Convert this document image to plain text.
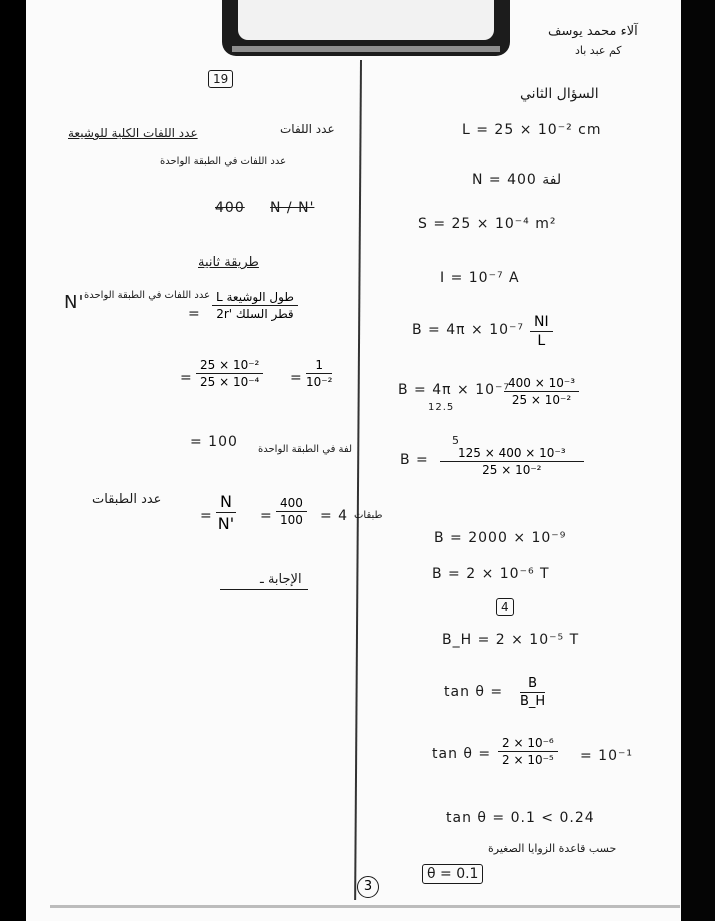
آلاء محمد يوسف
كم عبد باد
19
السؤال الثاني
3
عدد اللفات
عدد اللفات الكلية للوشيعة
عدد اللفات في الطبقة الواحدة
400 N / N'
طريقة ثانية
عدد اللفات في الطبقة الواحدة
N'
=
L طول الوشيعة
2r' قطر السلك
= $\frac{\text{25 × 10⁻²}}{\text{25 × 10⁻⁴}} = \frac{1}{\text{10⁻²}}$
= 100 لفة في الطبقة الواحدة
عدد الطبقات
= $\frac{N}{N'} = \frac{400}{100} = 4$ طبقات
الإجابة ـ
L = 25 × 10⁻² cm
N = 400 لفة
S = 25 × 10⁻⁴ m²
I = 10⁻⁷ A
$B = 4\pi \times 10^{-7} \frac{NI}{L}$
B = 4π × 10⁻⁷
12.5
$\frac{\text{400 × 10⁻³}}{\text{25 × 10⁻²}}$
B =
5
$\frac{\text{125 × 400 × 10⁻³}}{\text{25 × 10⁻²}}$
B = 2000 × 10⁻⁹
B = 2 × 10⁻⁶ T
4
B_H = 2 × 10⁻⁵ T
$\tan \theta = \frac{B}{B\_H}$
$\tan \theta = \frac{\text{2 × 10⁻⁶}}{\text{2 × 10⁻⁵}} = 10^{-1}$
tan θ = 0.1 < 0.24
حسب قاعدة الزوايا الصغيرة
θ = 0.1
